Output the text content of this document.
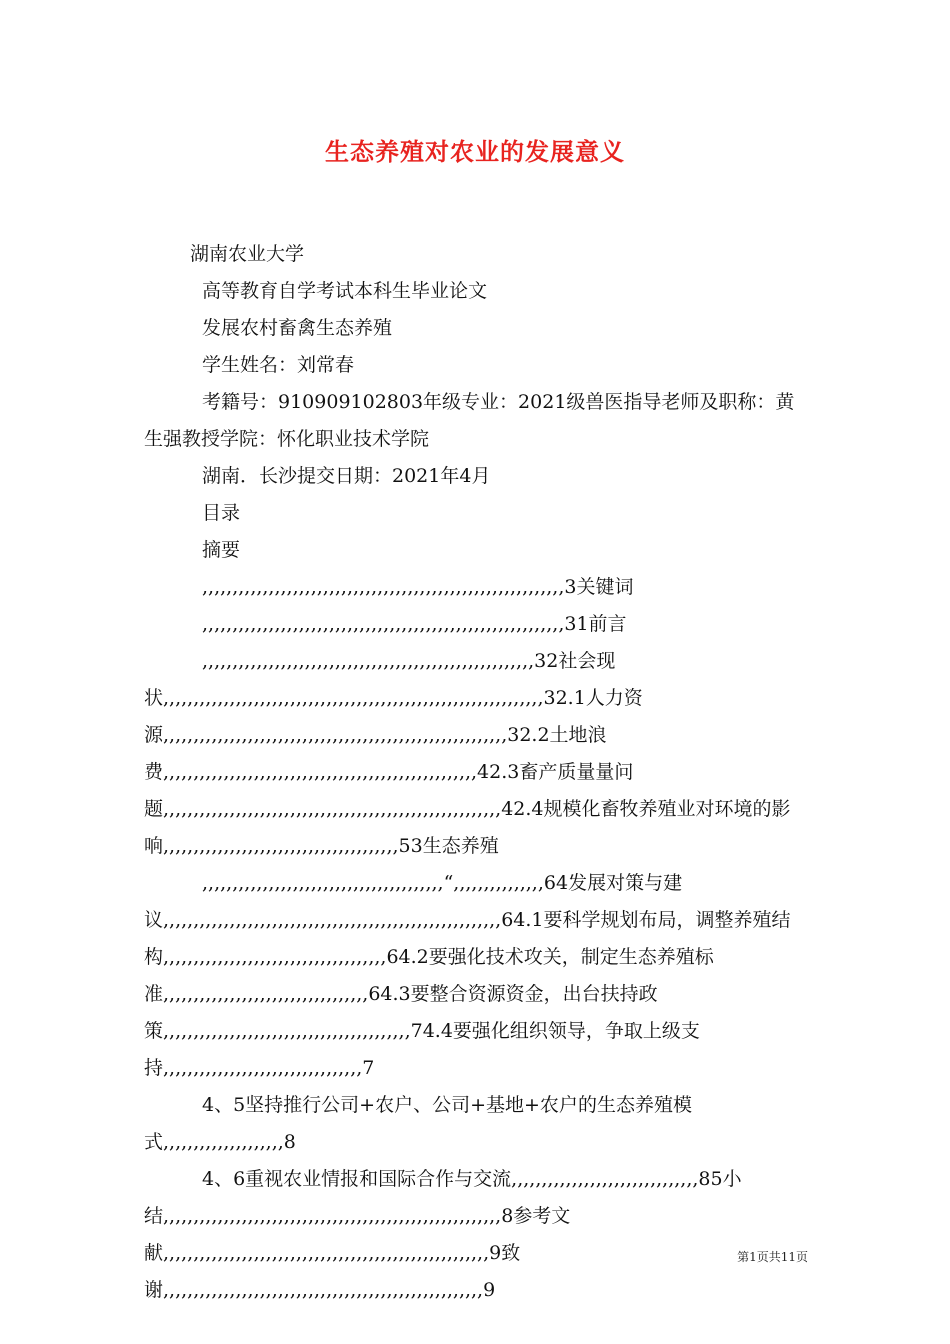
生态养殖对农业的发展意义
湖南农业大学
高等教育自学考试本科生毕业论文
发展农村畜禽生态养殖
学生姓名：刘常春
考籍号：910909102803年级专业：2021级兽医指导老师及职称：黄生强教授学院：怀化职业技术学院
湖南．长沙提交日期：2021年4月
目录
摘要
,,,,,,,,,,,,,,,,,,,,,,,,,,,,,,,,,,,,,,,,,,,,,,,,,,,,,,,,,,,,3关键词
,,,,,,,,,,,,,,,,,,,,,,,,,,,,,,,,,,,,,,,,,,,,,,,,,,,,,,,,,,,,31前言
,,,,,,,,,,,,,,,,,,,,,,,,,,,,,,,,,,,,,,,,,,,,,,,,,,,,,,,32社会现状,,,,,,,,,,,,,,,,,,,,,,,,,,,,,,,,,,,,,,,,,,,,,,,,,,,,,,,,,,,,,,,32.1人力资源,,,,,,,,,,,,,,,,,,,,,,,,,,,,,,,,,,,,,,,,,,,,,,,,,,,,,,,,,32.2土地浪费,,,,,,,,,,,,,,,,,,,,,,,,,,,,,,,,,,,,,,,,,,,,,,,,,,,,42.3畜产质量量问题,,,,,,,,,,,,,,,,,,,,,,,,,,,,,,,,,,,,,,,,,,,,,,,,,,,,,,,,42.4规模化畜牧养殖业对环境的影响,,,,,,,,,,,,,,,,,,,,,,,,,,,,,,,,,,,,,,,53生态养殖
,,,,,,,,,,,,,,,,,,,,,,,,,,,,,,,,,,,,,,,,“,,,,,,,,,,,,,,,64发展对策与建议,,,,,,,,,,,,,,,,,,,,,,,,,,,,,,,,,,,,,,,,,,,,,,,,,,,,,,,,64.1要科学规划布局，调整养殖结构,,,,,,,,,,,,,,,,,,,,,,,,,,,,,,,,,,,,,64.2要强化技术攻关，制定生态养殖标准,,,,,,,,,,,,,,,,,,,,,,,,,,,,,,,,,,64.3要整合资源资金，出台扶持政策,,,,,,,,,,,,,,,,,,,,,,,,,,,,,,,,,,,,,,,,,74.4要强化组织领导，争取上级支持,,,,,,,,,,,,,,,,,,,,,,,,,,,,,,,,,7
4、5坚持推行公司+农户、公司+基地+农户的生态养殖模式,,,,,,,,,,,,,,,,,,,,8
4、6重视农业情报和国际合作与交流,,,,,,,,,,,,,,,,,,,,,,,,,,,,,,,85小结,,,,,,,,,,,,,,,,,,,,,,,,,,,,,,,,,,,,,,,,,,,,,,,,,,,,,,,,8参考文献,,,,,,,,,,,,,,,,,,,,,,,,,,,,,,,,,,,,,,,,,,,,,,,,,,,,,,9致谢,,,,,,,,,,,,,,,,,,,,,,,,,,,,,,,,,,,,,,,,,,,,,,,,,,,,,9
第1页共11页
